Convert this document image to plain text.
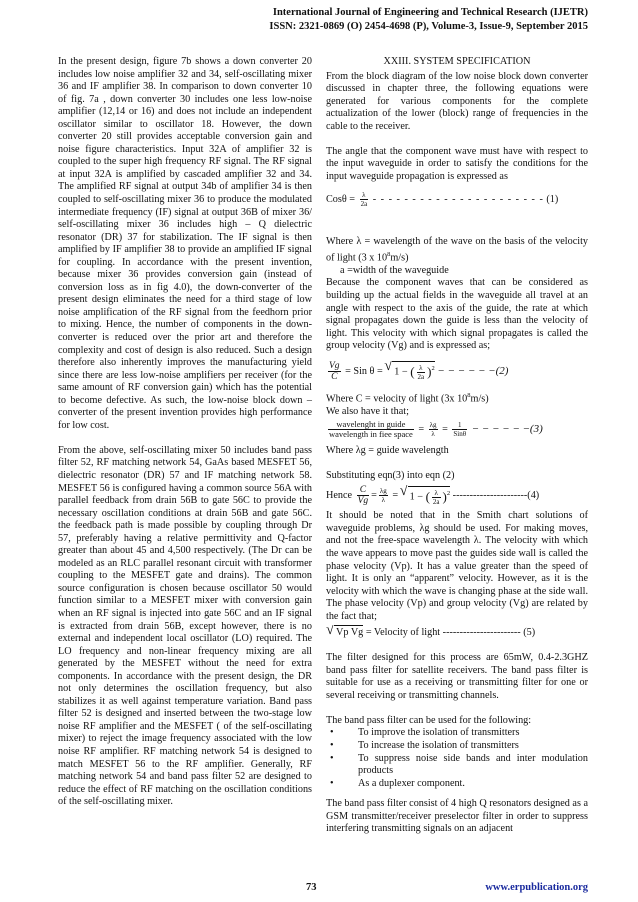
International Journal of Engineering and Technical Research (IJETR)
ISSN: 2321-0869 (O) 2454-4698 (P), Volume-3, Issue-9, September 2015

In the present design, figure 7b shows a down converter 20 includes low noise amplifier 32 and 34, self-oscillating mixer 36 and IF amplifier 38. In comparison to down converter 10 of fig. 7a , down converter 30 includes one less low-noise amplifier (12,14 or 16) and does not include an independent oscillator similar to oscillator 18. However, the down converter 20 still provides acceptable conversion gain and noise figure characteristics. Input 32A of amplifier 32 is coupled to the super high frequency RF signal. The RF signal at input 32A is amplified by cascaded amplifier 32 and 34. The amplified RF signal at output 34b of amplifier 34 is then coupled to self-oscillating mixer 36 to produce the modulated intermediate frequency (IF) signal at output 36B of mixer 36/ self-oscillating mixer 36 includes high – Q dielectric resonator (DR) 37 for stabilization. The IF signal is then amplified by IF amplifier 38 to provide an amplified IF signal for coupling. In accordance with the present invention, because mixer 36 provides conversion gain (instead of conversion loss as in fig 4.0), the down-converter of the present design eliminates the need for a third stage of low noise amplification of the RF signal from the feedhorn prior to mixing. Hence, the number of components in the down-converter is reduced over the prior art and therefore the complexity and cost of design is also reduced. Such a design therefore also inherently improves the manufacturing yield since there are less low-noise amplifiers per receiver (for the same amount of RF conversion gain) which has the potential to become defective. As such, the low-noise block down –converter of the present invention provides high performance for low cost.

From the above, self-oscillating mixer 50 includes band pass filter 52, RF matching network 54, GaAs based MESFET 56, dielectric resonator (DR) 57 and IF matching network 58. MESFET 56 is configured having a common source 56A with parallel feedback from drain 56B to gate 56C to provide the necessary oscillation conditions at drain 56B and gate 56C. the feedback path is made possible by coupling through Dr 57, preferably having a relative permittivity and Q-factor greater than about 45 and 4,500 respectively. (The Dr can be modeled as an RLC parallel resonant circuit with transformer coupling to the MESFET gate and drains). The common source configuration is chosen because oscillator 50 would function similar to a MESFET mixer with conversion gain when an RF signal is injected into gate 56C and an IF signal is extracted from drain 56B, except however, there is no external and independent local oscillator (LO) required. The LO frequency and non-linear frequency mixing are all generated by the MESFET without the need for extra components. In accordance with the present design, the DR not only determines the oscillation frequency, but also stabilizes it as well against temperature variation. Band pass filter 52 is designed and inserted between the two-stage low noise RF amplifier and the MESFET ( of the self-oscillating mixer) to reject the image frequency associated with the low noise RF amplifier. RF matching network 54 is designed to match MESFET 56 to the RF amplifier. Generally, RF matching network 54 and band pass filter 52 are designed to reduce the effect of RF matching on the oscillation conditions of the self-oscillating mixer.

XXIII. SYSTEM SPECIFICATION

From the block diagram of the low noise block down converter discussed in chapter three, the following equations were generated for various components for the complete actualization of the lower (block) range of frequencies in the cable to the receiver.

The angle that the component wave must have with respect to the input waveguide in order to satisfy the conditions for the input waveguide propagation is expressed as

$Cos\theta = \frac{\lambda}{2a}$ - - - - - - - - - - - - - - - - - - - - - - (1)
Where λ = wavelength of the wave on the basis of the velocity of light (3 x $10^8m/s$)
a =width of the waveguide

Because the component waves that can be considered as building up the actual fields in the waveguide all travel at an angle with respect to the axis of the guide, the rate at which signal propagates down the guide is less than the velocity of light. This velocity with which signal propagates is called the group velocity (Vg) and is expressed as;

$\frac{Vg}{C}$ = Sin θ = √ 1 − ( $\frac{\lambda}{2a} )^2$ − − − − − −(2)
Where C = velocity of light (3x $10^8m/s$)
We also have it that;
$\frac{\text{wavelenght in guide}}{\text{wavelength in fiee space}} = \frac{\lambda g}{\lambda} = \frac{1}{\text{Sinθ}}$ − − − − − −(3)
Where λg = guide wavelength
Substituting eqn(3) into eqn (2)
Hence $\frac{C}{Vg} = \frac{\lambda g}{\lambda}$ = √ 1 − ( $\frac{\lambda}{2a} )^2$ ----------------------(4)

It should be noted that in the Smith chart solutions of waveguide problems, λg should be used. For making moves, and not the free-space wavelength λ. The velocity with which the wave appears to move past the guides side wall is called the phase velocity (Vp). It has a value greater than the speed of light. It is only an “apparent” velocity. However, as it is the velocity with which the wave is changing phase at the side wall. The phase velocity (Vp) and group velocity (Vg) are related by the fact that;

√ Vp Vg = Velocity of light ----------------------- (5)

The filter designed for this process are 65mW, 0.4-2.3GHZ band pass filter for satellite receivers. The band pass filter is suitable for use as a receiving or transmitting filter for one or several receiving or transmitting channels.

The band pass filter can be used for the following:
• To improve the isolation of transmitters
• To increase the isolation of transmitters
• To suppress noise side bands and inter modulation products
• As a duplexer component.

The band pass filter consist of 4 high Q resonators designed as a GSM transmitter/receiver preselector filter in order to suppress interfering transmitting signals on an adjacent

73	www.erpublication.org
